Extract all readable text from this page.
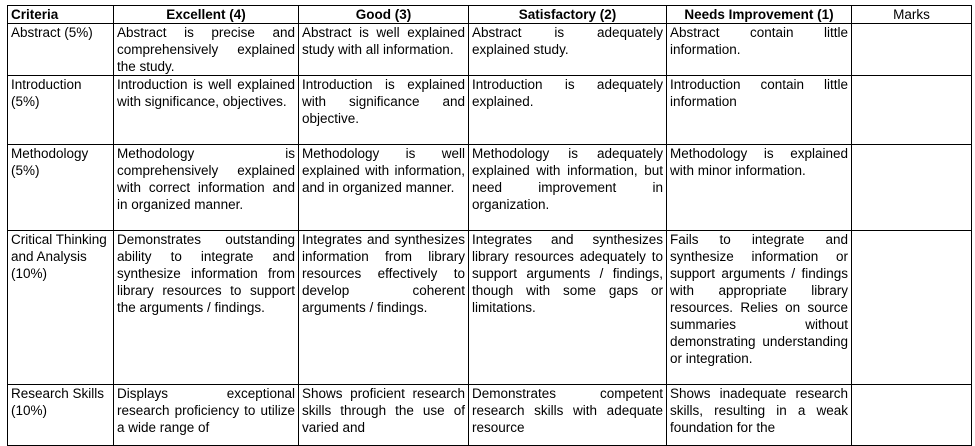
Criteria	Excellent (4)	Good (3)	Satisfactory (2)	Needs Improvement (1)	Marks
Abstract (5%)	Abstract is precise and comprehensively explained the study.	Abstract is well explained study with all information.	Abstract is adequately explained study.	Abstract contain little information.	
Introduction (5%)	Introduction is well explained with significance, objectives.	Introduction is explained with significance and objective.	Introduction is adequately explained.	Introduction contain little information	
Methodology (5%)	Methodology is comprehensively explained with correct information and in organized manner.	Methodology is well explained with information, and in organized manner.	Methodology is adequately explained with information, but need improvement in organization.	Methodology is explained with minor information.	
Critical Thinking and Analysis (10%)	Demonstrates outstanding ability to integrate and synthesize information from library resources to support the arguments / findings.	Integrates and synthesizes information from library resources effectively to develop coherent arguments / findings.	Integrates and synthesizes library resources adequately to support arguments / findings, though with some gaps or limitations.	Fails to integrate and synthesize information or support arguments / findings with appropriate library resources. Relies on source summaries without demonstrating understanding or integration.	
Research Skills (10%)	Displays exceptional research proficiency to utilize a wide range of	Shows proficient research skills through the use of varied and	Demonstrates competent research skills with adequate resource	Shows inadequate research skills, resulting in a weak foundation for the	
